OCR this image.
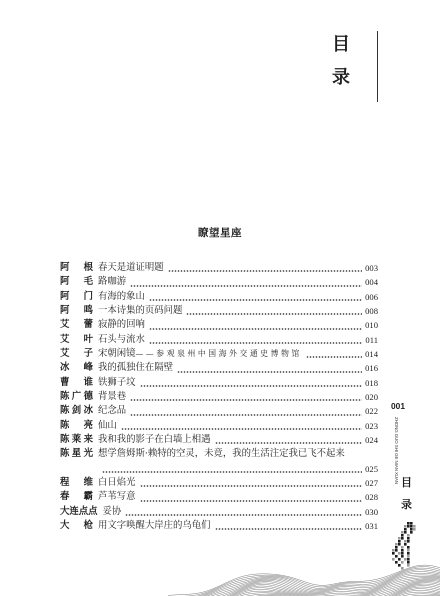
目
录
瞭望星座
阿 根 春天是道证明题	003
阿 毛 路咖游	004
阿 门 有海的象山	006
阿 鸣 一本诗集的页码问题	008
艾 蕾 寂静的回响	010
艾 叶 石头与流水	011
艾 子 宋朝闲镜——参观泉州中国海外交通史博物馆	014
冰 峰 我的孤独住在隔壁	016
曹 谁 铁狮子坟	018
陈广德 背景巷	020
陈剑冰 纪念品	022
陈 亮 仙山	023
陈莱来 我和我的影子在白墙上相遇	024
陈星光 想学詹姆斯·赖特的空灵，未竟，我的生活注定我已飞不起来
025
程 维 白日焰光	027
春 霸 芦苇写意	028
大连点点 妥协	030
大 枪 用文字唤醒大岸庄的乌龟们	031
001
ZHONG GUO SHI GE NIAN XUAN 目
录
